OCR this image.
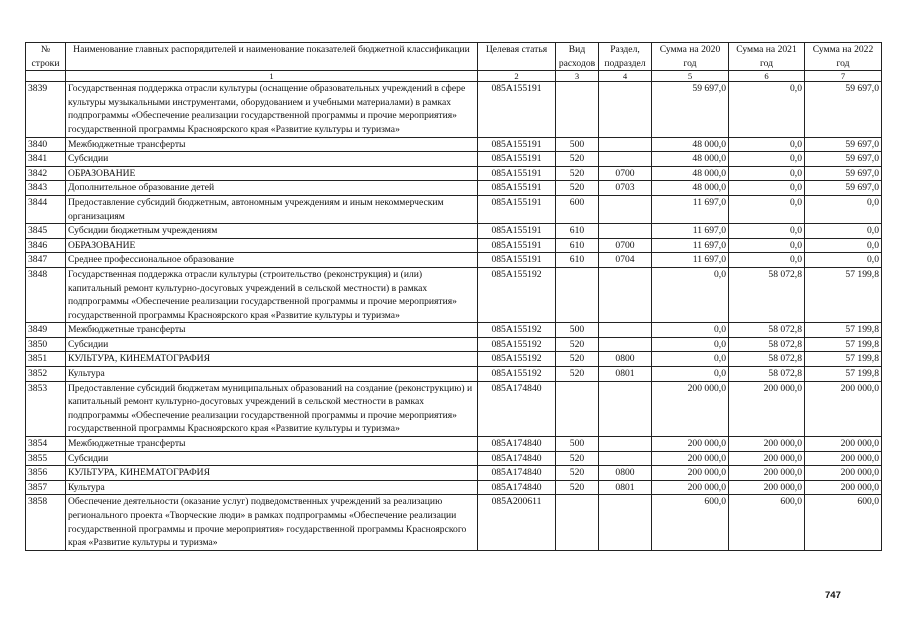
№ строки	Наименование главных распорядителей и наименование показателей бюджетной классификации	Целевая статья	Вид расходов	Раздел, подраздел	Сумма на 2020 год	Сумма на 2021 год	Сумма на 2022 год
	1	2	3	4	5	6	7
3839	Государственная поддержка отрасли культуры (оснащение образовательных учреждений в сфере культуры музыкальными инструментами, оборудованием и учебными материалами) в рамках подпрограммы «Обеспечение реализации государственной программы и прочие мероприятия» государственной программы Красноярского края «Развитие культуры и туризма»	085A155191			59 697,0	0,0	59 697,0
3840	Межбюджетные трансферты	085A155191	500		48 000,0	0,0	59 697,0
3841	Субсидии	085A155191	520		48 000,0	0,0	59 697,0
3842	ОБРАЗОВАНИЕ	085A155191	520	0700	48 000,0	0,0	59 697,0
3843	Дополнительное образование детей	085A155191	520	0703	48 000,0	0,0	59 697,0
3844	Предоставление субсидий бюджетным, автономным учреждениям и иным некоммерческим организациям	085A155191	600		11 697,0	0,0	0,0
3845	Субсидии бюджетным учреждениям	085A155191	610		11 697,0	0,0	0,0
3846	ОБРАЗОВАНИЕ	085A155191	610	0700	11 697,0	0,0	0,0
3847	Среднее профессиональное образование	085A155191	610	0704	11 697,0	0,0	0,0
3848	Государственная поддержка отрасли культуры (строительство (реконструкция) и (или) капитальный ремонт культурно-досуговых учреждений в сельской местности) в рамках подпрограммы «Обеспечение реализации государственной программы и прочие мероприятия» государственной программы Красноярского края «Развитие культуры и туризма»	085A155192			0,0	58 072,8	57 199,8
3849	Межбюджетные трансферты	085A155192	500		0,0	58 072,8	57 199,8
3850	Субсидии	085A155192	520		0,0	58 072,8	57 199,8
3851	КУЛЬТУРА, КИНЕМАТОГРАФИЯ	085A155192	520	0800	0,0	58 072,8	57 199,8
3852	Культура	085A155192	520	0801	0,0	58 072,8	57 199,8
3853	Предоставление субсидий бюджетам муниципальных образований на создание (реконструкцию) и капитальный ремонт культурно-досуговых учреждений в сельской местности в рамках подпрограммы «Обеспечение реализации государственной программы и прочие мероприятия» государственной программы Красноярского края «Развитие культуры и туризма»	085A174840			200 000,0	200 000,0	200 000,0
3854	Межбюджетные трансферты	085A174840	500		200 000,0	200 000,0	200 000,0
3855	Субсидии	085A174840	520		200 000,0	200 000,0	200 000,0
3856	КУЛЬТУРА, КИНЕМАТОГРАФИЯ	085A174840	520	0800	200 000,0	200 000,0	200 000,0
3857	Культура	085A174840	520	0801	200 000,0	200 000,0	200 000,0
3858	Обеспечение деятельности (оказание услуг) подведомственных учреждений за реализацию регионального проекта «Творческие люди» в рамках подпрограммы «Обеспечение реализации государственной программы и прочие мероприятия» государственной программы Красноярского края «Развитие культуры и туризма»	085A200611			600,0	600,0	600,0
747
